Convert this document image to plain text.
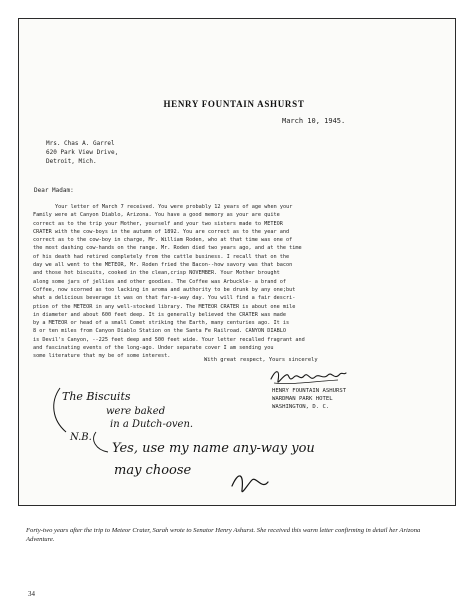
HENRY FOUNTAIN ASHURST
March 10, 1945.
Mrs. Chas A. Garrel
620 Park View Drive,
Detroit, Mich.
Dear Madam:
Your letter of March 7 received. You were probably 12 years of age when your
Family were at Canyon Diablo, Arizona. You have a good memory as your are quite
correct as to the trip your Mother, yourself and your two sisters made to METEOR
CRATER with the cow-boys in the autumn of 1892. You are correct as to the year and
correct as to the cow-boy in charge, Mr. William Roden, who at that time was one of
the most dashing cow-hands on the range. Mr. Roden died two years ago, and at the time
of his death had retired completely from the cattle business. I recall that on the
day we all went to the METEOR, Mr. Roden fried the Bacon--how savory was that bacon
and those hot biscuits, cooked in the clean,crisp NOVEMBER. Your Mother brought
along some jars of jellies and other goodies. The Coffee was Arbuckle- a brand of
Coffee, now scorned as too lacking in aroma and authority to be drunk by any one;but
what a delicious beverage it was on that far-a-way day. You will find a fair descri-
ption of the METEOR in any well-stocked library. The METEOR CRATER is about one mile
in diameter and about 600 feet deep. It is generally believed the CRATER was made
by a METEOR or head of a small Comet striking the Earth, many centuries ago. It is
8 or ten miles from Canyon Diablo Station on the Santa Fe Railroad. CANYON DIABLO
is Devil's Canyon, --225 feet deep and 500 feet wide. Your letter recalled fragrant and
and fascinating events of the long-ago. Under separate cover I am sending you
some literature that my be of some interest.
With great respect, Yours sincerely
HENRY FOUNTAIN ASHURST
WARDMAN PARK HOTEL
WASHINGTON, D. C.
The Biscuits
were baked
in a Dutch-oven.
N.B.
Yes, use my name any-way you
may choose
Forty-two years after the trip to Meteor Crater, Sarah wrote to Senator Henry Ashurst. She received this warm letter confirming in detail her Arizona Adventure.
34
